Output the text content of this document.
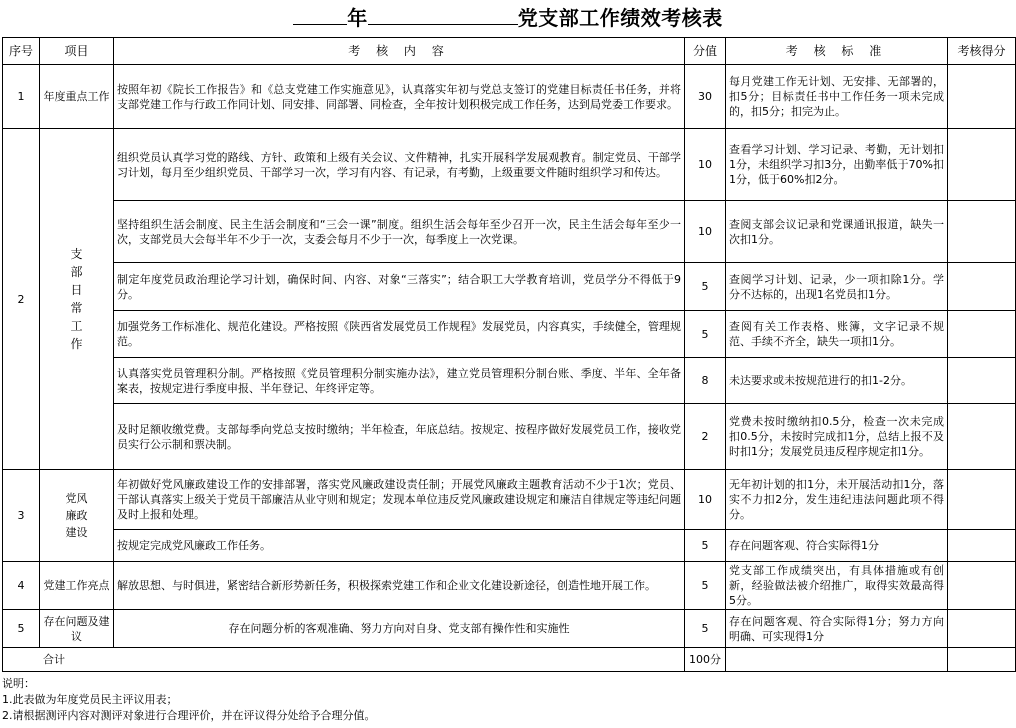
年	党支部工作绩效考核表
序号	项目	考 核 内 容	分值	考 核 标 准	考核得分
1	年度重点工作	按照年初《院长工作报告》和《总支党建工作实施意见》，认真落实年初与党总支签订的党建目标责任书任务，并将支部党建工作与行政工作同计划、同安排、同部署、同检查，全年按计划积极完成工作任务，达到局党委工作要求。	30	每月党建工作无计划、无安排、无部署的，扣5分；目标责任书中工作任务一项未完成的，扣5分；扣完为止。	
2	支部日常工作	组织党员认真学习党的路线、方针、政策和上级有关会议、文件精神，扎实开展科学发展观教育。制定党员、干部学习计划，每月至少组织党员、干部学习一次，学习有内容、有记录，有考勤，上级重要文件随时组织学习和传达。	10	查看学习计划、学习记录、考勤，无计划扣1分，未组织学习扣3分，出勤率低于70%扣1分，低于60%扣2分。	
		坚持组织生活会制度、民主生活会制度和“三会一课”制度。组织生活会每年至少召开一次，民主生活会每年至少一次，支部党员大会每半年不少于一次，支委会每月不少于一次，每季度上一次党课。	10	查阅支部会议记录和党课通讯报道，缺失一次扣1分。	
		制定年度党员政治理论学习计划，确保时间、内容、对象“三落实”；结合职工大学教育培训，党员学分不得低于9分。	5	查阅学习计划、记录，少一项扣除1分。学分不达标的，出现1名党员扣1分。	
		加强党务工作标准化、规范化建设。严格按照《陕西省发展党员工作规程》发展党员，内容真实，手续健全，管理规范。	5	查阅有关工作表格、账簿，文字记录不规范、手续不齐全，缺失一项扣1分。	
		认真落实党员管理积分制。严格按照《党员管理积分制实施办法》，建立党员管理积分制台账、季度、半年、全年备案表，按规定进行季度申报、半年登记、年终评定等。	8	未达要求或未按规范进行的扣1-2分。	
		及时足额收缴党费。支部每季向党总支按时缴纳；半年检查，年底总结。按规定、按程序做好发展党员工作，接收党员实行公示制和票决制。	2	党费未按时缴纳扣0.5分，检查一次未完成扣0.5分，未按时完成扣1分，总结上报不及时扣1分；发展党员违反程序规定扣1分。	
3	党风廉政建设	年初做好党风廉政建设工作的安排部署，落实党风廉政建设责任制；开展党风廉政主题教育活动不少于1次；党员、干部认真落实上级关于党员干部廉洁从业守则和规定；发现本单位违反党风廉政建设规定和廉洁自律规定等违纪问题及时上报和处理。	10	无年初计划的扣1分，未开展活动扣1分，落实不力扣2分，发生违纪违法问题此项不得分。	
		按规定完成党风廉政工作任务。	5	存在问题客观、符合实际得1分	
4	党建工作亮点	解放思想、与时俱进，紧密结合新形势新任务，积极探索党建工作和企业文化建设新途径，创造性地开展工作。	5	党支部工作成绩突出，有具体措施或有创新，经验做法被介绍推广，取得实效最高得5分。	
5	存在问题及建议	存在问题分析的客观准确、努力方向对自身、党支部有操作性和实施性	5	存在问题客观、符合实际得1分；努力方向明确、可实现得1分	
合计			100分		
说明：
1.此表做为年度党员民主评议用表；
2.请根据测评内容对测评对象进行合理评价，并在评议得分处给予合理分值。
